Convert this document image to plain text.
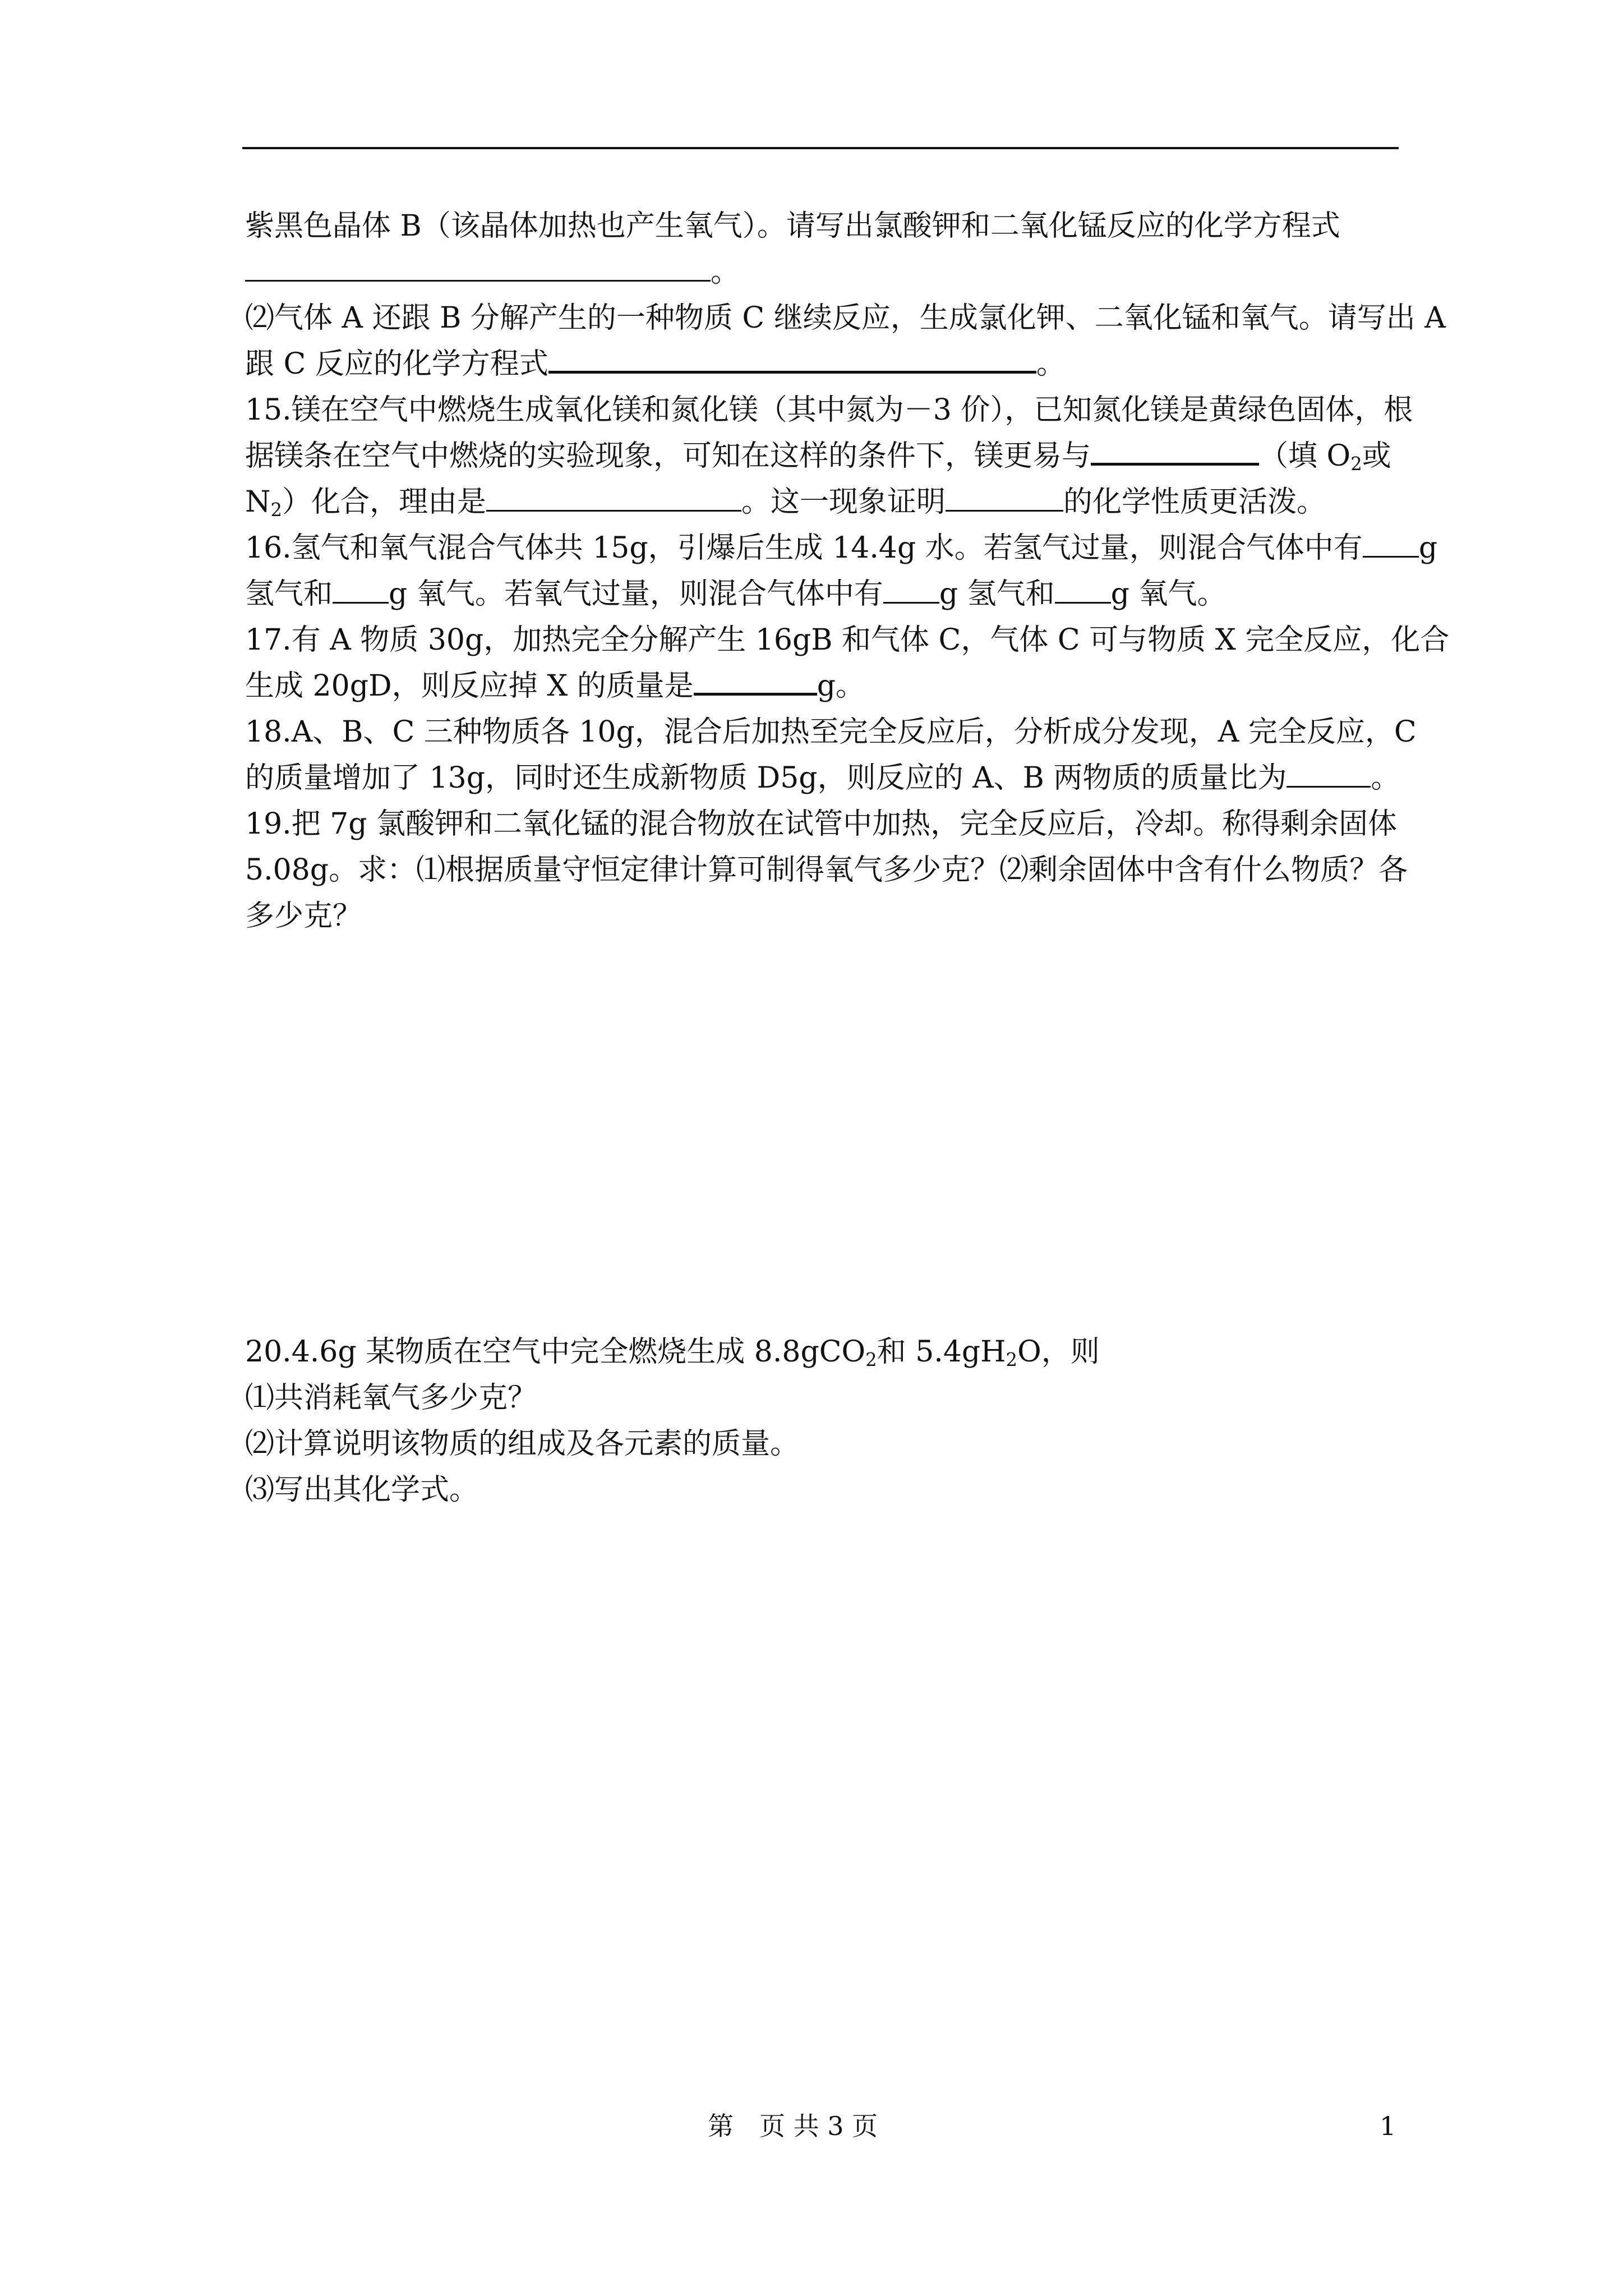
紫黑色晶体 B（该晶体加热也产生氧气）。请写出氯酸钾和二氧化锰反应的化学方程式
。
⑵气体 A 还跟 B 分解产生的一种物质 C 继续反应，生成氯化钾、二氧化锰和氧气。请写出 A
跟 C 反应的化学方程式	。
15.镁在空气中燃烧生成氧化镁和氮化镁（其中氮为－3 价），已知氮化镁是黄绿色固体，根
据镁条在空气中燃烧的实验现象，可知在这样的条件下，镁更易与	（填 $O_2$或
$N_2$）化合，理由是	。这一现象证明	的化学性质更活泼。
16.氢气和氧气混合气体共 15g，引爆后生成 14.4g 水。若氢气过量，则混合气体中有 g
氢气和 g 氧气。若氧气过量，则混合气体中有 g 氢气和 g 氧气。
17.有 A 物质 30g，加热完全分解产生 16gB 和气体 C，气体 C 可与物质 X 完全反应，化合
生成 20gD，则反应掉 X 的质量是	g。
18.A、B、C 三种物质各 10g，混合后加热至完全反应后，分析成分发现，A 完全反应，C
的质量增加了 13g，同时还生成新物质 D5g，则反应的 A、B 两物质的质量比为	。
19.把 7g 氯酸钾和二氧化锰的混合物放在试管中加热，完全反应后，冷却。称得剩余固体
5.08g。求：⑴根据质量守恒定律计算可制得氧气多少克？⑵剩余固体中含有什么物质？各
多少克？
20.4.6g 某物质在空气中完全燃烧生成 8.8gCO$_2$和 $5.4gH_2O$，则
⑴共消耗氧气多少克？
⑵计算说明该物质的组成及各元素的质量。
⑶写出其化学式。
第　页 共 3 页	1
